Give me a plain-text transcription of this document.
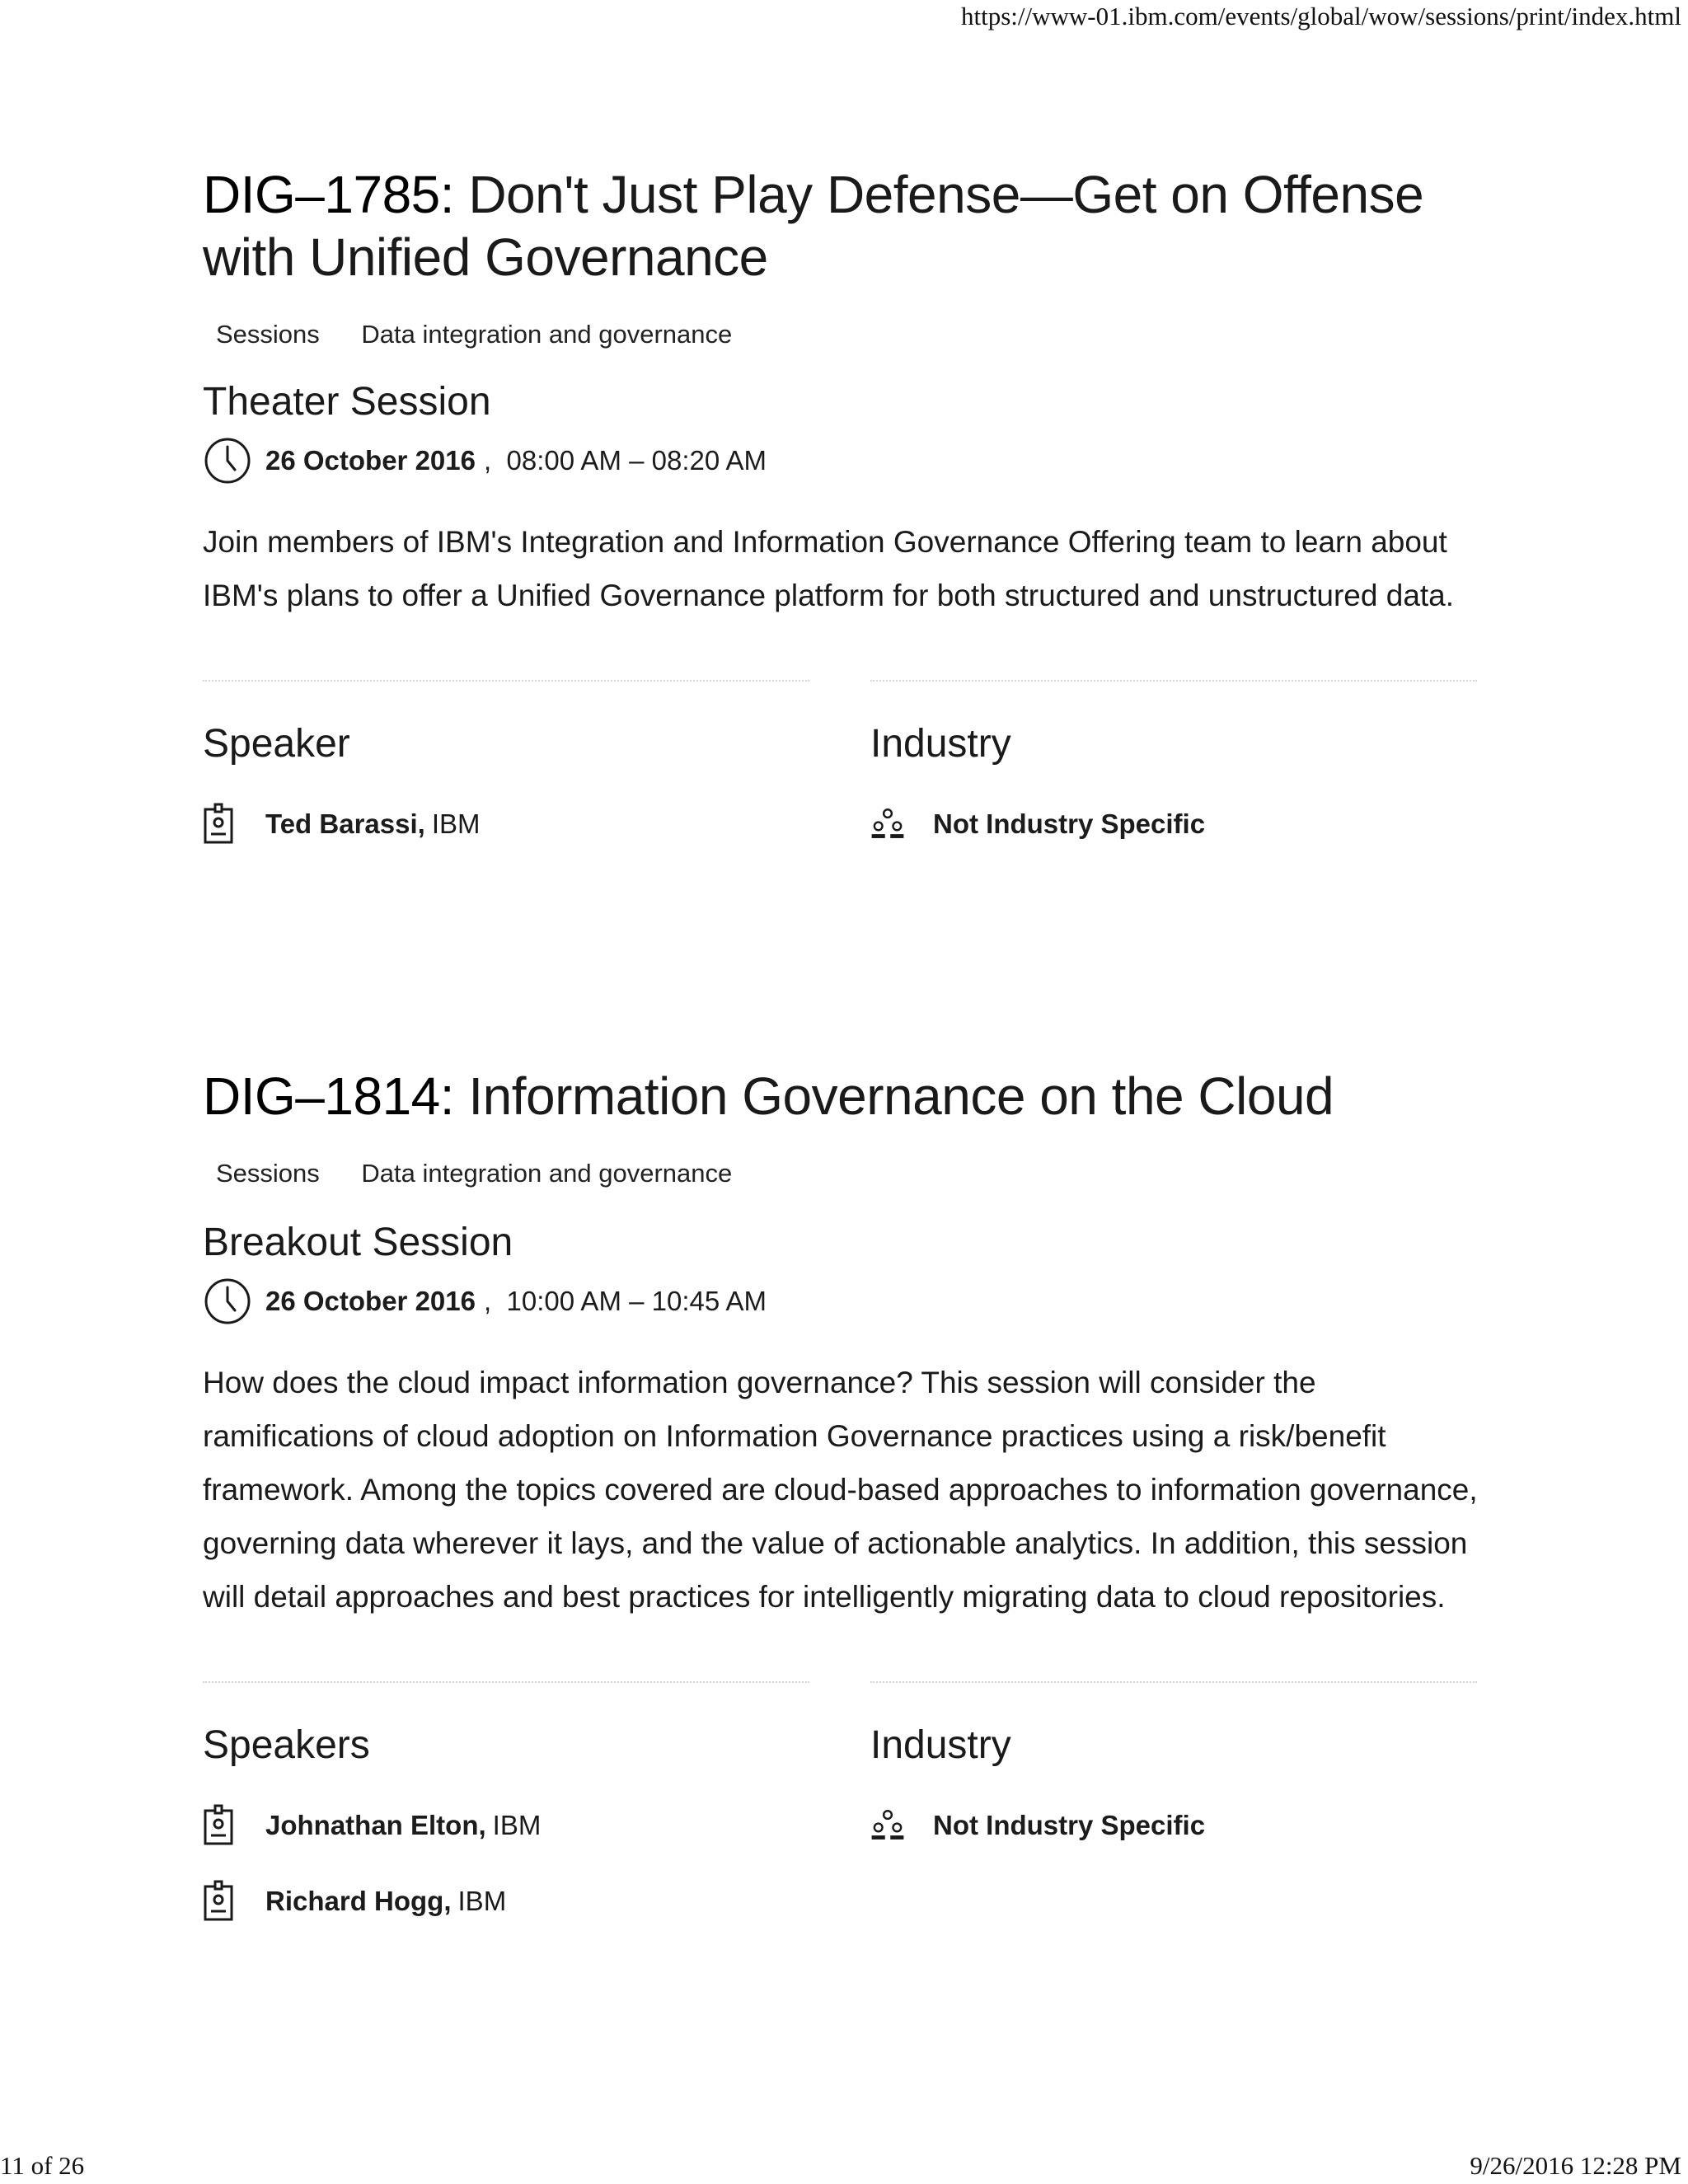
https://www-01.ibm.com/events/global/wow/sessions/print/index.html
DIG–1785: Don't Just Play Defense—Get on Offense with Unified Governance
Sessions Data integration and governance
Theater Session
26 October 2016 ,
08:00 AM – 08:20 AM

Join members of IBM's Integration and Information Governance Offering team to learn about IBM's plans to offer a Unified Governance platform for both structured and unstructured data.

Speaker
Ted Barassi, IBM
Industry
Not Industry Specific
DIG–1814: Information Governance on the Cloud
Sessions Data integration and governance
Breakout Session
26 October 2016 ,
10:00 AM – 10:45 AM

How does the cloud impact information governance? This session will consider the ramifications of cloud adoption on Information Governance practices using a risk/benefit framework. Among the topics covered are cloud-based approaches to information governance, governing data wherever it lays, and the value of actionable analytics. In addition, this session will detail approaches and best practices for intelligently migrating data to cloud repositories.

Speakers
Johnathan Elton, IBM
Richard Hogg, IBM
Industry
Not Industry Specific
11 of 26	9/26/2016 12:28 PM
